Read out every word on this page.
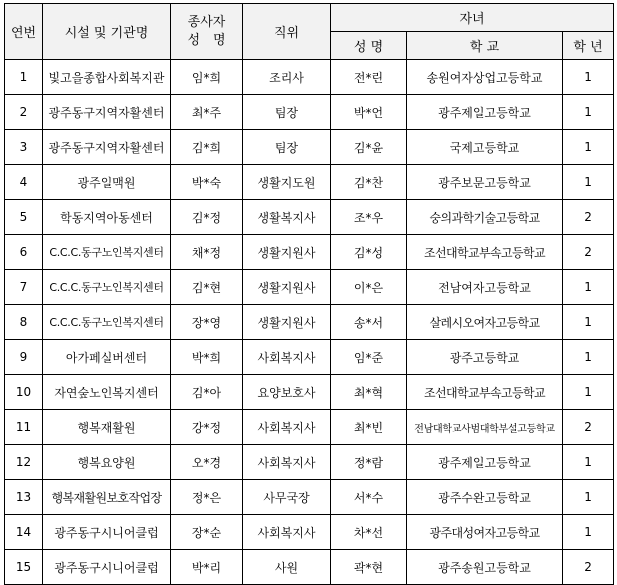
연번	시설 및 기관명	종사자
성　명	직위	자녀		
				성 명	학 교	학 년
1	빛고을종합사회복지관	임*희	조리사	전*린	송원여자상업고등학교	1
2	광주동구지역자활센터	최*주	팀장	박*언	광주제일고등학교	1
3	광주동구지역자활센터	김*희	팀장	김*윤	국제고등학교	1
4	광주일맥원	박*숙	생활지도원	김*찬	광주보문고등학교	1
5	학동지역아동센터	김*정	생활복지사	조*우	숭의과학기술고등학교	2
6	C.C.C.동구노인복지센터	채*정	생활지원사	김*성	조선대학교부속고등학교	2
7	C.C.C.동구노인복지센터	김*현	생활지원사	이*은	전남여자고등학교	1
8	C.C.C.동구노인복지센터	장*영	생활지원사	송*서	살레시오여자고등학교	1
9	아가페실버센터	박*희	사회복지사	임*준	광주고등학교	1
10	자연숲노인복지센터	김*아	요양보호사	최*혁	조선대학교부속고등학교	1
11	행복재활원	강*정	사회복지사	최*빈	전남대학교사범대학부설고등학교	2
12	행복요양원	오*경	사회복지사	정*람	광주제일고등학교	1
13	행복재활원보호작업장	정*은	사무국장	서*수	광주수완고등학교	1
14	광주동구시니어클럽	장*순	사회복지사	차*선	광주대성여자고등학교	1
15	광주동구시니어클럽	박*리	사원	곽*현	광주송원고등학교	2
